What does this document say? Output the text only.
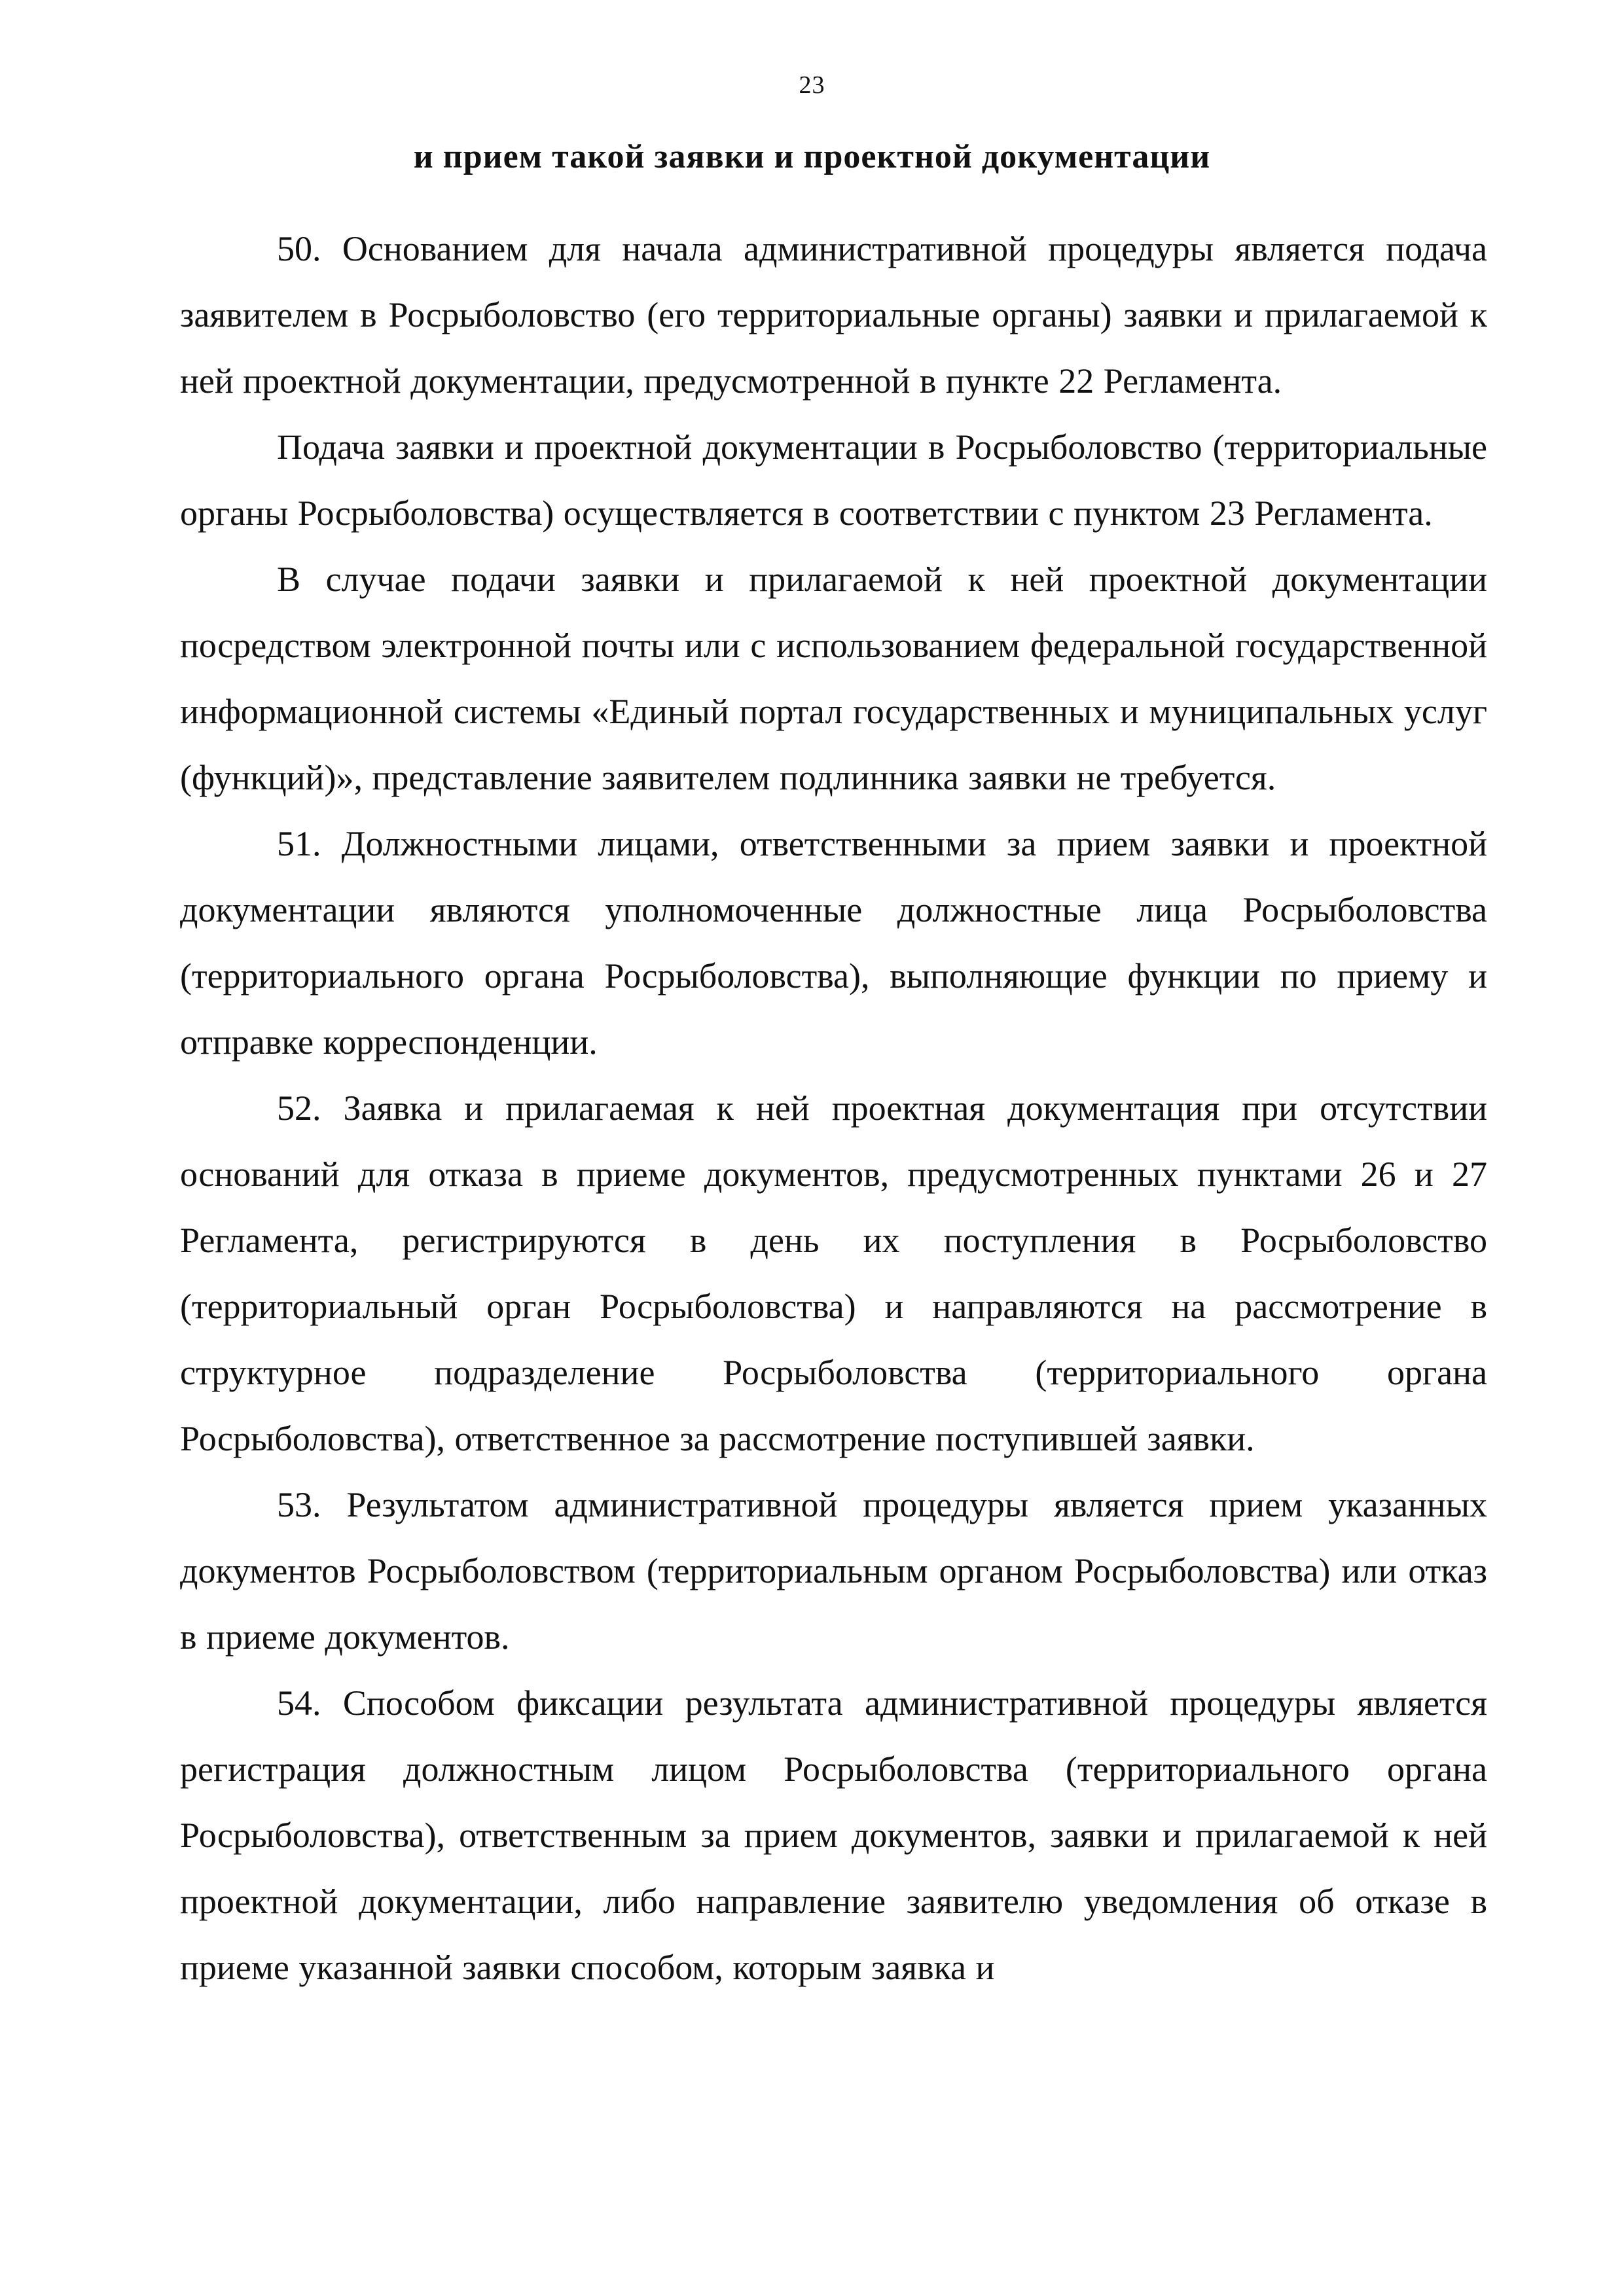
23
и прием такой заявки и проектной документации

50. Основанием для начала административной процедуры является подача заявителем в Росрыболовство (его территориальные органы) заявки и прилагаемой к ней проектной документации, предусмотренной в пункте 22 Регламента.

Подача заявки и проектной документации в Росрыболовство (территориальные органы Росрыболовства) осуществляется в соответствии с пунктом 23 Регламента.

В случае подачи заявки и прилагаемой к ней проектной документации посредством электронной почты или с использованием федеральной государственной информационной системы «Единый портал государственных и муниципальных услуг (функций)», представление заявителем подлинника заявки не требуется.

51. Должностными лицами, ответственными за прием заявки и проектной документации являются уполномоченные должностные лица Росрыболовства (территориального органа Росрыболовства), выполняющие функции по приему и отправке корреспонденции.

52. Заявка и прилагаемая к ней проектная документация при отсутствии оснований для отказа в приеме документов, предусмотренных пунктами 26 и 27 Регламента, регистрируются в день их поступления в Росрыболовство (территориальный орган Росрыболовства) и направляются на рассмотрение в структурное подразделение Росрыболовства (территориального органа Росрыболовства), ответственное за рассмотрение поступившей заявки.

53. Результатом административной процедуры является прием указанных документов Росрыболовством (территориальным органом Росрыболовства) или отказ в приеме документов.

54. Способом фиксации результата административной процедуры является регистрация должностным лицом Росрыболовства (территориального органа Росрыболовства), ответственным за прием документов, заявки и прилагаемой к ней проектной документации, либо направление заявителю уведомления об отказе в приеме указанной заявки способом, которым заявка и
